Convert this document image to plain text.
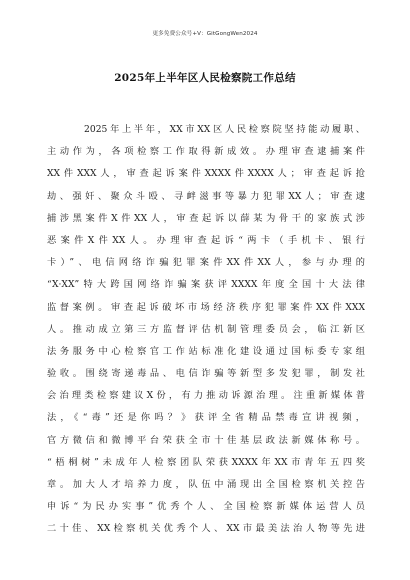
更多免费公众号+V：GitGongWen2024
2025年上半年区人民检察院工作总结
2025年上半年，XX市XX区人民检察院坚持能动履职、
主动作为，各项检察工作取得新成效。办理审查逮捕案件
XX件XXX人，审查起诉案件XXXX件XXXX人；审查起诉抢
劫、强奸、聚众斗殴、寻衅滋事等暴力犯罪XX人；审查逮
捕涉黑案件X件XX人，审查起诉以薛某为骨干的家族式涉
恶案件X件XX人。办理审查起诉“两卡（手机卡、银行
卡）”、电信网络诈骗犯罪案件XX件XX人，参与办理的
“X·XX”特大跨国网络诈骗案获评XXXX年度全国十大法律
监督案例。审查起诉破坏市场经济秩序犯罪案件XX件XXX
人。推动成立第三方监督评估机制管理委员会，临江新区
法务服务中心检察官工作站标准化建设通过国标委专家组
验收。围绕寄递毒品、电信诈骗等新型多发犯罪，制发社
会治理类检察建议X份，有力推动诉源治理。注重新媒体普
法，《“毒”还是你吗？》获评全省精品禁毒宣讲视频，
官方微信和微博平台荣获全市十佳基层政法新媒体称号。
“梧桐树”未成年人检察团队荣获XXXX年XX市青年五四奖
章。加大人才培养力度，队伍中涌现出全国检察机关控告
申诉“为民办实事”优秀个人、全国检察新媒体运营人员
二十佳、XX检察机关优秀个人、XX市最美法治人物等先进
